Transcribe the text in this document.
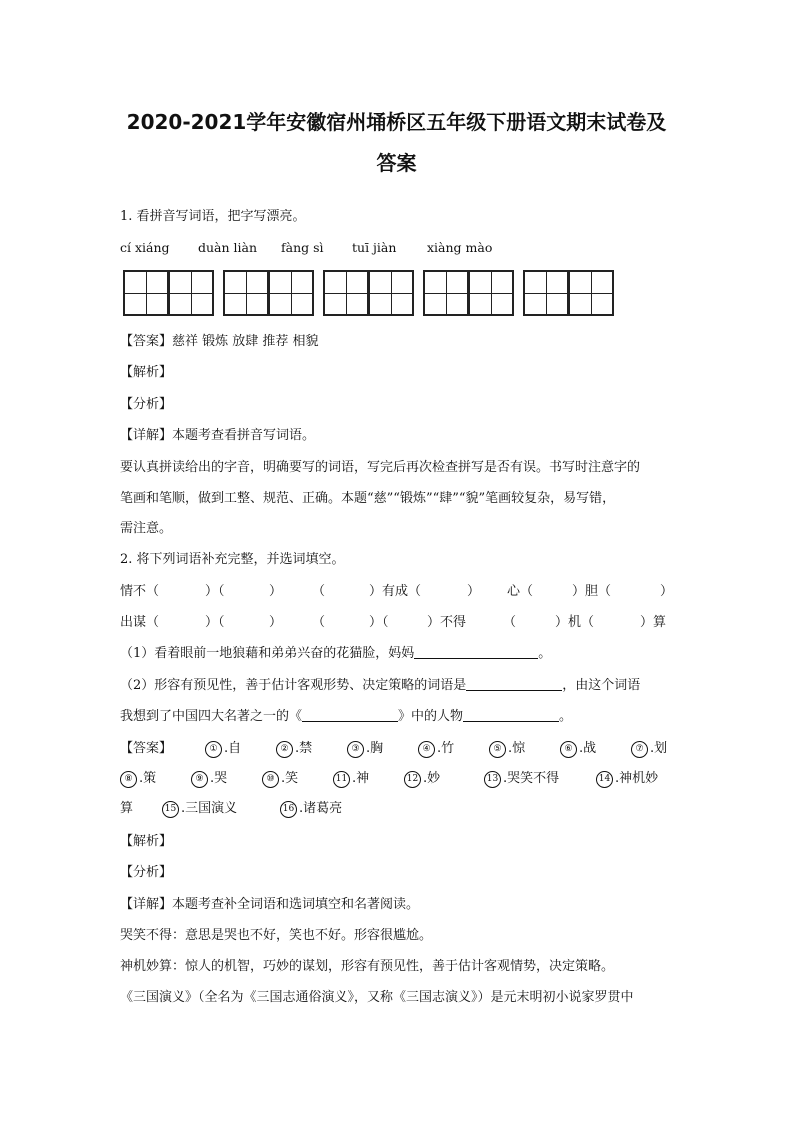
2020-2021学年安徽宿州埇桥区五年级下册语文期末试卷及
答案
1. 看拼音写词语，把字写漂亮。
cí xiáng duàn liàn fàng sì tuī jiàn xiàng mào
【答案】慈祥 锻炼 放肆 推荐 相貌
【解析】
【分析】
【详解】本题考查看拼音写词语。
要认真拼读给出的字音，明确要写的词语，写完后再次检查拼写是否有误。书写时注意字的
笔画和笔顺，做到工整、规范、正确。本题“慈”“锻炼”“肆”“貌”笔画较复杂，易写错，
需注意。
2. 将下列词语补充完整，并选词填空。
情不（	）（	） （	）有成（	） 心（	）胆（	）
出谋（	）（	） （	）（	）不得	（	）机（	）算
（1）看着眼前一地狼藉和弟弟兴奋的花猫脸，妈妈	。
（2）形容有预见性，善于估计客观形势、决定策略的词语是	，由这个词语
我想到了中国四大名著之一的《	》中的人物	。
【答案】	① .自	② .禁	③ .胸	④ .竹	⑤ .惊	⑥ .战	⑦ .划
⑧ .策	⑨ .哭	⑩ .笑	11 .神	12 .妙	13 .哭笑不得	14 .神机妙
算	15 .三国演义	16 .诸葛亮
【解析】
【分析】
【详解】本题考查补全词语和选词填空和名著阅读。
哭笑不得：意思是哭也不好，笑也不好。形容很尴尬。
神机妙算：惊人的机智，巧妙的谋划，形容有预见性，善于估计客观情势，决定策略。
《三国演义》（全名为《三国志通俗演义》，又称《三国志演义》）是元末明初小说家罗贯中
